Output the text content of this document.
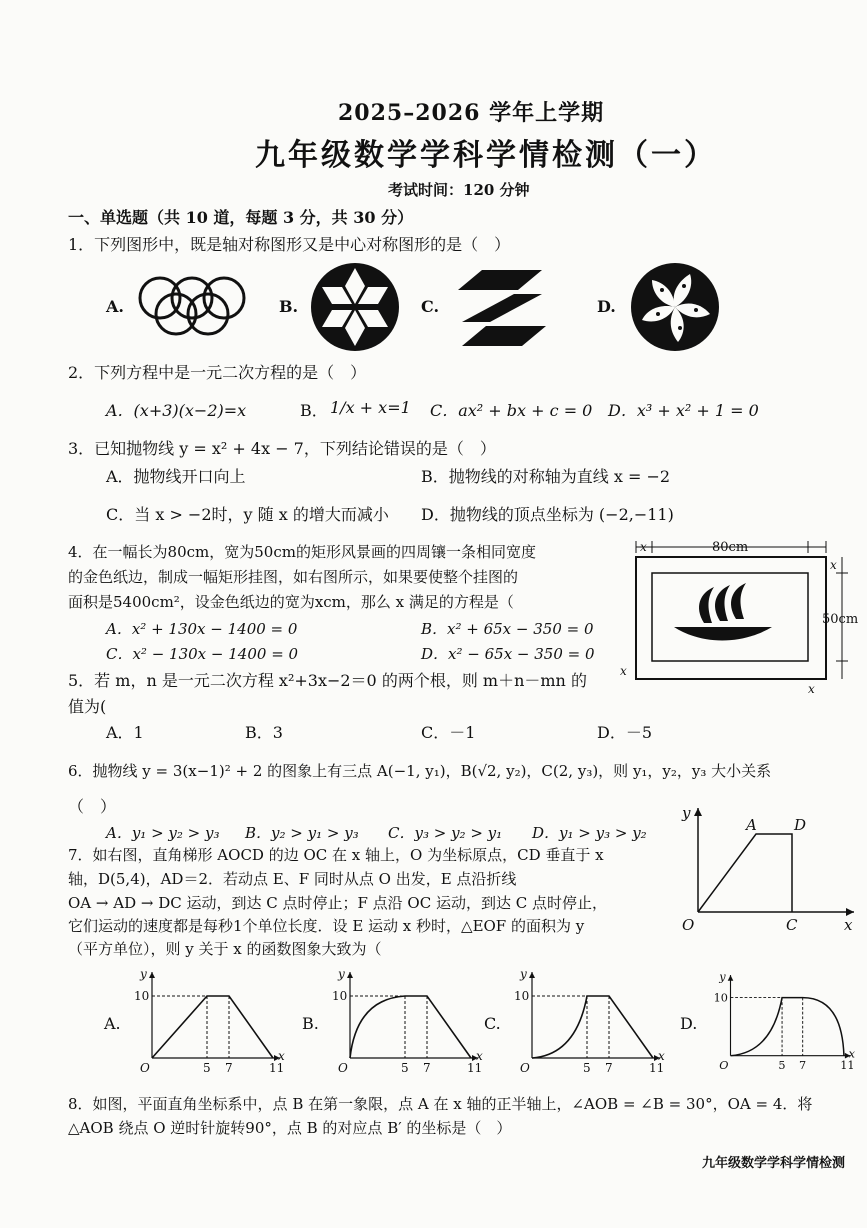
2025–2026 学年上学期
九年级数学学科学情检测（一）
考试时间：120 分钟
一、单选题（共 10 道，每题 3 分，共 30 分）
1．下列图形中，既是轴对称图形又是中心对称图形的是（　）
A.	B.	C.	D.
2．下列方程中是一元二次方程的是（　）
A．(x+3)(x−2)=x	B． 1/x + x=1 C．ax² + bx + c = 0 D．x³ + x² + 1 = 0
3．已知抛物线 y = x² + 4x − 7，下列结论错误的是（　）
A．抛物线开口向上	B．抛物线的对称轴为直线 x = −2
C．当 x > −2时，y 随 x 的增大而减小 D．抛物线的顶点坐标为 (−2,−11)
4．在一幅长为80cm，宽为50cm的矩形风景画的四周镶一条相同宽度
的金色纸边，制成一幅矩形挂图，如右图所示，如果要使整个挂图的
面积是5400cm²，设金色纸边的宽为xcm，那么 x 满足的方程是（
A．x² + 130x − 1400 = 0	B．x² + 65x − 350 = 0
C．x² − 130x − 1400 = 0	D．x² − 65x − 350 = 0
80cm
x
50cm
x
x
x
5．若 m，n 是一元二次方程 x²+3x−2＝0 的两个根，则 m＋n－mn 的
值为(
A．1	B．3	C．－1	D．－5
6．抛物线 y = 3(x−1)² + 2 的图象上有三点 A(−1, y₁)，B(√2, y₂)，C(2, y₃)，则 y₁，y₂，y₃ 大小关系
（　）
A．y₁ > y₂ > y₃ B．y₂ > y₁ > y₃ C．y₃ > y₂ > y₁ D．y₁ > y₃ > y₂
7．如右图，直角梯形 AOCD 的边 OC 在 x 轴上，O 为坐标原点，CD 垂直于 x
轴，D(5,4)，AD＝2．若动点 E、F 同时从点 O 出发，E 点沿折线
OA → AD → DC 运动，到达 C 点时停止；F 点沿 OC 运动，到达 C 点时停止，
它们运动的速度都是每秒1个单位长度．设 E 运动 x 秒时，△EOF 的面积为 y
（平方单位），则 y 关于 x 的函数图象大致为（
y
x
A D
O	C
A.	B.	C.	D.
y
x
10
O	5 7	11
y
x
10
O	5 7	11
y
x
10
O	5 7	11
y
x
10
O	5 7	11
8．如图，平面直角坐标系中，点 B 在第一象限，点 A 在 x 轴的正半轴上，∠AOB = ∠B = 30°，OA = 4．将
△AOB 绕点 O 逆时针旋转90°，点 B 的对应点 B′ 的坐标是（　）
九年级数学学科学情检测
